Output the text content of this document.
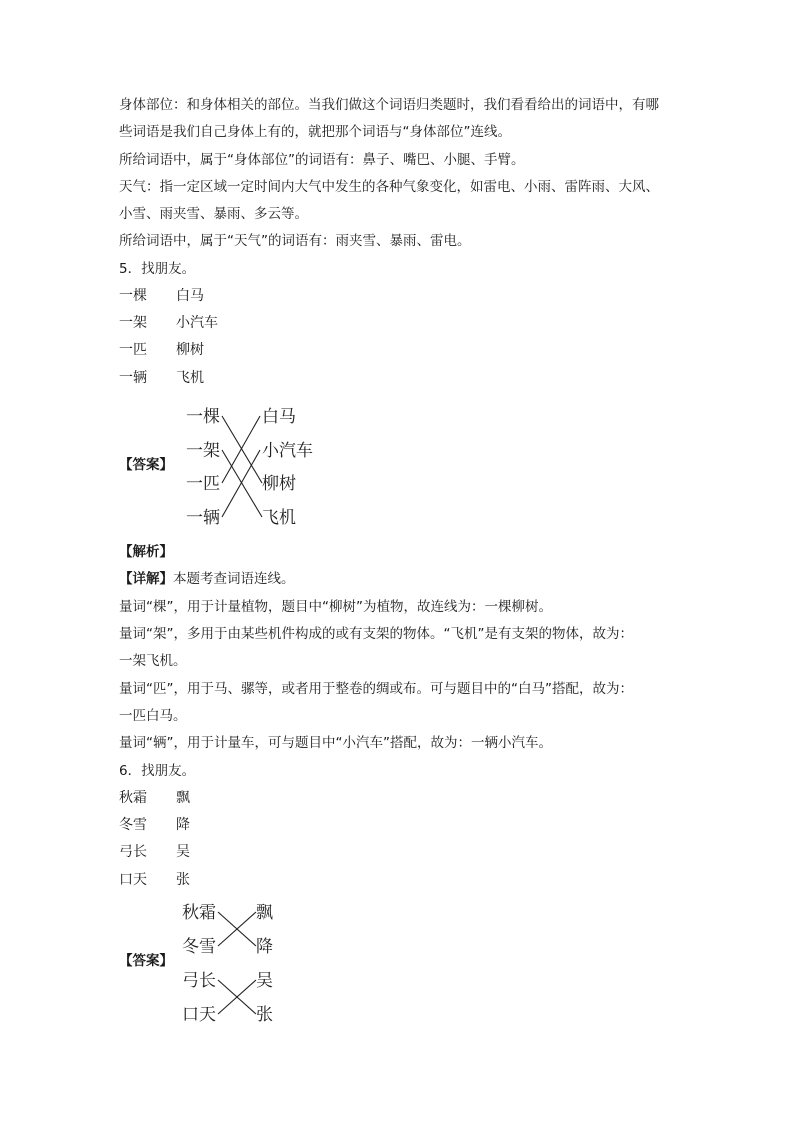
身体部位：和身体相关的部位。当我们做这个词语归类题时，我们看看给出的词语中，有哪
些词语是我们自己身体上有的，就把那个词语与“身体部位”连线。
所给词语中，属于“身体部位”的词语有：鼻子、嘴巴、小腿、手臂。
天气：指一定区域一定时间内大气中发生的各种气象变化，如雷电、小雨、雷阵雨、大风、
小雪、雨夹雪、暴雨、多云等。
所给词语中，属于“天气”的词语有：雨夹雪、暴雨、雷电。
5．找朋友。
一棵 白马
一架 小汽车
一匹 柳树
一辆 飞机
【答案】
一棵
一架
一匹
一辆
白马
小汽车
柳树
飞机
秋霜
冬雪
弓长
口天
飘
降
吴
张
【解析】
【详解】本题考查词语连线。
量词“棵”，用于计量植物，题目中“柳树”为植物，故连线为：一棵柳树。
量词“架”，多用于由某些机件构成的或有支架的物体。“飞机”是有支架的物体，故为：
一架飞机。
量词“匹”，用于马、骡等，或者用于整卷的绸或布。可与题目中的“白马”搭配，故为：
一匹白马。
量词“辆”，用于计量车，可与题目中“小汽车”搭配，故为：一辆小汽车。
6．找朋友。
秋霜 飘
冬雪 降
弓长 吴
口天 张
【答案】
